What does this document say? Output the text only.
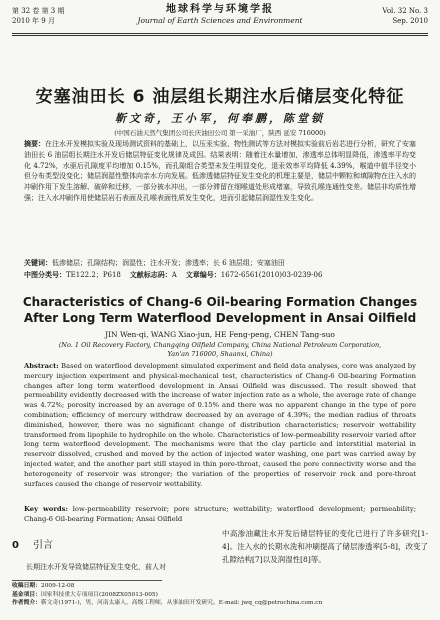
第 32 卷 第 3 期
2010 年 9 月
地球科学与环境学报
Journal of Earth Sciences and Environment
Vol. 32 No. 3
Sep. 2010
安塞油田长 6 油层组长期注水后储层变化特征
靳文奇，王小军，何奉鹏，陈堂锁
(中国石油天然气集团公司长庆油田公司 第一采油厂，陕西 延安 716000)
摘要：在注水开发模拟实验及现场测试资料的基础上，以压汞实验、物性测试等方法对模拟实验前后岩芯进行分析，研究了安塞油田长 6 油层组长期注水开发后储层特征变化规律及成因。结果表明：随着注水量增加，渗透率总体明显降低，渗透率平均变化 4.72%，水驱后孔隙度平均增加 0.15%，而孔隙组合类型未发生明显变化，退汞效率平均降低 4.39%，喉道中值半径变小但分布类型没变化；储层润湿性整体向亲水方向发展。低渗透储层特征发生变化的机理主要是，储层中颗粒和填隙物在注入水的冲刷作用下发生溶解、破碎和迁移，一部分被水冲出，一部分滞留在细喉道处形成堵塞，导致孔喉连通性变差。储层非均质性增强；注入水冲刷作用使储层岩石表面及孔喉表面性质发生变化，进而引起储层润湿性发生变化。
关键词：低渗储层；孔隙结构；润湿性；注水开发；渗透率；长 6 油层组；安塞油田
中图分类号：TE122.2；P618 文献标志码：A 文章编号：1672-6561(2010)03-0239-06
Characteristics of Chang-6 Oil-bearing Formation Changes
After Long Term Waterflood Development in Ansai Oilfield
JIN Wen-qi, WANG Xiao-jun, HE Feng-peng, CHEN Tang-suo
(No. 1 Oil Recovery Factory, Changqing Oilfield Company, China National Petroleum Corporation,
Yan'an 716000, Shaanxi, China)
Abstract: Based on waterflood development simulated experiment and field data analyses, core was analyzed by mercury injection experiment and physical-mechanical test, characteristics of Chang-6 Oil-bearing Formation changes after long term waterflood development in Ansai Oilfield was discussed. The result showed that permeability evidently decreased with the increase of water injection rate as a whole, the average rate of change was 4.72%; porosity increased by an average of 0.15% and there was no apparent change in the type of pore combination; efficiency of mercury withdraw decreased by an average of 4.39%; the median radius of throats diminished, however, there was no significant change of distribution characteristics; reservoir wettability transformed from lipophile to hydrophile on the whole. Characteristics of low-permeability reservoir varied after long term waterflood development. The mechanisms were that the clay particle and interstitial material in reservoir dissolved, crushed and moved by the action of injected water washing, one part was carried away by injected water, and the another part still stayed in thin pore-throat, caused the pore connectivity worse and the heterogeneity of reservoir was stronger; the variation of the properties of reservoir rock and pore-throat surfaces caused the change of reservoir wettability.
Key words: low-permeability reservoir; pore structure; wettability; waterflood development; permeability; Chang-6 Oil-bearing Formation; Ansai Oilfield
0 引言
长期注水开发导致储层特征发生变化，前人对
中高渗油藏注水开发后储层特征的变化已进行了许多研究[1-4]。注入水的长期水洗和冲刷提高了储层渗透率[5-8]，改变了孔隙结构[7]以及润湿性[8]等。
收稿日期：2009-12-08
基金项目：国家科技重大专项项目(2008ZX05013-005)
作者简介：靳文奇(1971-)，男，河南太康人，高级工程师，从事油田开发研究。E-mail: jwq_cq@petrochina.com.cn
